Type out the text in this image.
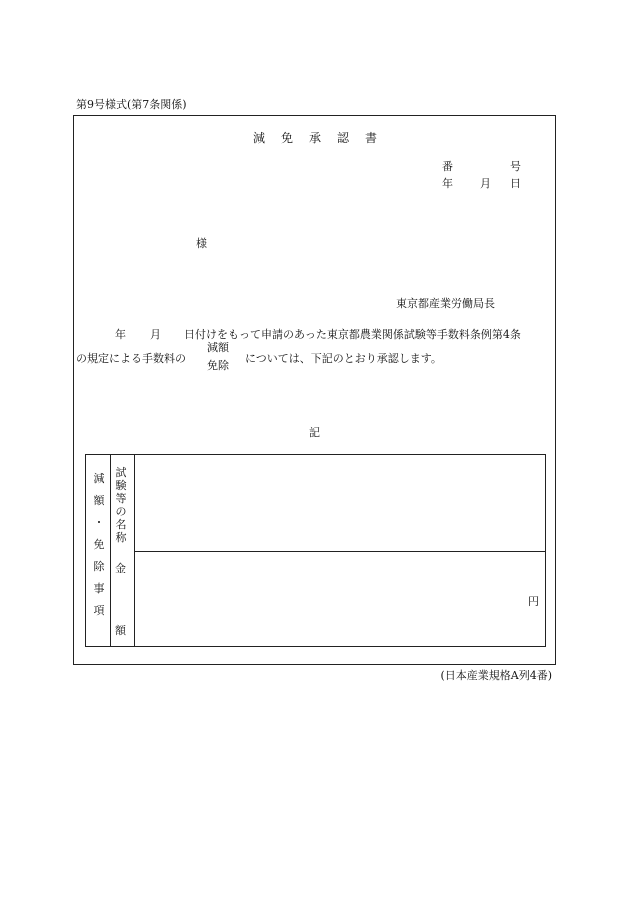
第9号様式(第7条関係)
減免承認書
番	号
年 月 日
様
東京都産業労働局長
年 月 日付けをもって申請のあった東京都農業関係試験等手数料条例第4条
の規定による手数料の
減額
免除
については、下記のとおり承認します。
記
減
額
・
免
除
事
項
試
験
等
の
名
称
金
額
円
(日本産業規格A列4番)
